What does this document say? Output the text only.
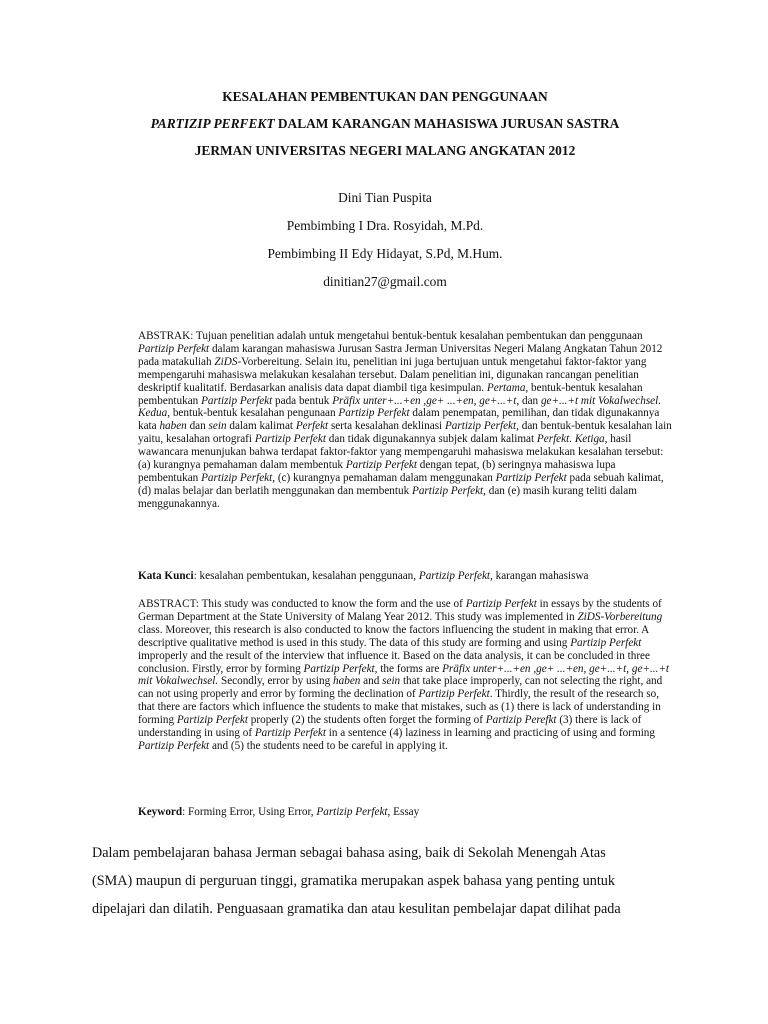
KESALAHAN PEMBENTUKAN DAN PENGGUNAAN
PARTIZIP PERFEKT DALAM KARANGAN MAHASISWA JURUSAN SASTRA
JERMAN UNIVERSITAS NEGERI MALANG ANGKATAN 2012
Dini Tian Puspita
Pembimbing I Dra. Rosyidah, M.Pd.
Pembimbing II Edy Hidayat, S.Pd, M.Hum.
dinitian27@gmail.com

ABSTRAK: Tujuan penelitian adalah untuk mengetahui bentuk-bentuk kesalahan pembentukan dan penggunaan Partizip Perfekt dalam karangan mahasiswa Jurusan Sastra Jerman Universitas Negeri Malang Angkatan Tahun 2012 pada matakuliah ZiDS-Vorbereitung. Selain itu, penelitian ini juga bertujuan untuk mengetahui faktor-faktor yang mempengaruhi mahasiswa melakukan kesalahan tersebut. Dalam penelitian ini, digunakan rancangan penelitian deskriptif kualitatif. Berdasarkan analisis data dapat diambil tiga kesimpulan. Pertama, bentuk-bentuk kesalahan pembentukan Partizip Perfekt pada bentuk Präfix unter+...+en ,ge+ ...+en, ge+...+t, dan ge+...+t mit Vokalwechsel. Kedua, bentuk-bentuk kesalahan pengunaan Partizip Perfekt dalam penempatan, pemilihan, dan tidak digunakannya kata haben dan sein dalam kalimat Perfekt serta kesalahan deklinasi Partizip Perfekt, dan bentuk-bentuk kesalahan lain yaitu, kesalahan ortografi Partizip Perfekt dan tidak digunakannya subjek dalam kalimat Perfekt. Ketiga, hasil wawancara menunjukan bahwa terdapat faktor-faktor yang mempengaruhi mahasiswa melakukan kesalahan tersebut: (a) kurangnya pemahaman dalam membentuk Partizip Perfekt dengan tepat, (b) seringnya mahasiswa lupa pembentukan Partizip Perfekt, (c) kurangnya pemahaman dalam menggunakan Partizip Perfekt pada sebuah kalimat, (d) malas belajar dan berlatih menggunakan dan membentuk Partizip Perfekt, dan (e) masih kurang teliti dalam menggunakannya.

Kata Kunci: kesalahan pembentukan, kesalahan penggunaan, Partizip Perfekt, karangan mahasiswa

ABSTRACT: This study was conducted to know the form and the use of Partizip Perfekt in essays by the students of German Department at the State University of Malang Year 2012. This study was implemented in ZiDS-Vorbereitung class. Moreover, this research is also conducted to know the factors influencing the student in making that error. A descriptive qualitative method is used in this study. The data of this study are forming and using Partizip Perfekt improperly and the result of the interview that influence it. Based on the data analysis, it can be concluded in three conclusion. Firstly, error by forming Partizip Perfekt, the forms are Präfix unter+...+en ,ge+ ...+en, ge+...+t, ge+...+t mit Vokalwechsel. Secondly, error by using haben and sein that take place improperly, can not selecting the right, and can not using properly and error by forming the declination of Partizip Perfekt. Thirdly, the result of the research so, that there are factors which influence the students to make that mistakes, such as (1) there is lack of understanding in forming Partizip Perfekt properly (2) the students often forget the forming of Partizip Perefkt (3) there is lack of understanding in using of Partizip Perfekt in a sentence (4) laziness in learning and practicing of using and forming Partizip Perfekt and (5) the students need to be careful in applying it.

Keyword: Forming Error, Using Error, Partizip Perfekt, Essay

Dalam pembelajaran bahasa Jerman sebagai bahasa asing, baik di Sekolah Menengah Atas
(SMA) maupun di perguruan tinggi, gramatika merupakan aspek bahasa yang penting untuk
dipelajari dan dilatih. Penguasaan gramatika dan atau kesulitan pembelajar dapat dilihat pada
